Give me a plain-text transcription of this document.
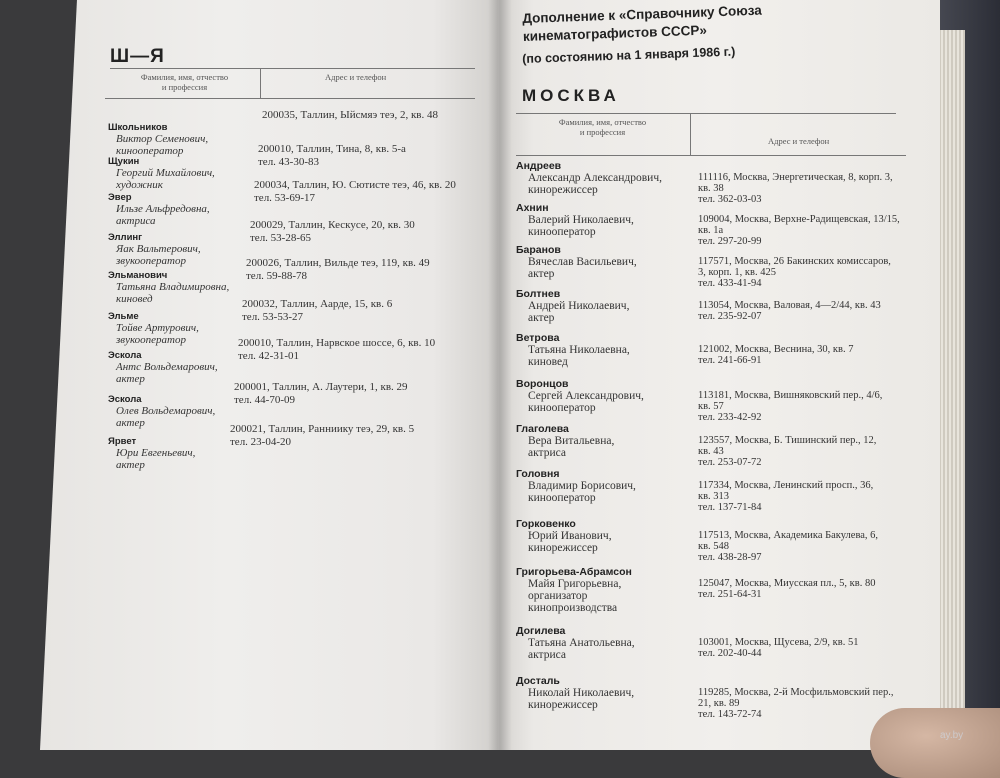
Ш—Я
Фамилия, имя, отчество
и профессия
Адрес и телефон
Школьников
Виктор Семенович,
кинооператор
200035, Таллин, Ыйсмяэ теэ, 2, кв. 48
Щукин
Георгий Михайлович,
художник
200010, Таллин, Тина, 8, кв. 5-а
тел. 43-30-83
Эвер
Ильзе Альфредовна,
актриса
200034, Таллин, Ю. Сютисте теэ, 46, кв. 20
тел. 53-69-17
Эллинг
Яак Вальтерович,
звукооператор
200029, Таллин, Кескусе, 20, кв. 30
тел. 53-28-65
Эльманович
Татьяна Владимировна,
киновед
200026, Таллин, Вильде теэ, 119, кв. 49
тел. 59-88-78
Эльме
Тойве Артурович,
звукооператор
200032, Таллин, Аарде, 15, кв. 6
тел. 53-53-27
Эскола
Антс Вольдемарович,
актер
200010, Таллин, Нарвское шоссе, 6, кв. 10
тел. 42-31-01
Эскола
Олев Вольдемарович,
актер
200001, Таллин, А. Лаутери, 1, кв. 29
тел. 44-70-09
Ярвет
Юри Евгеньевич,
актер
200021, Таллин, Ранниику теэ, 29, кв. 5
тел. 23-04-20
Дополнение к «Справочнику Союза
кинематографистов СССР»
(по состоянию на 1 января 1986 г.)
МОСКВА
Фамилия, имя, отчество
и профессия
Адрес и телефон
Андреев
Александр Александрович,
кинорежиссер
111116, Москва, Энергетическая, 8, корп. 3,
кв. 38
тел. 362-03-03
Ахнин
Валерий Николаевич,
кинооператор
109004, Москва, Верхне-Радищевская, 13/15,
кв. 1а
тел. 297-20-99
Баранов
Вячеслав Васильевич,
актер
117571, Москва, 26 Бакинских комиссаров,
3, корп. 1, кв. 425
тел. 433-41-94
Болтнев
Андрей Николаевич,
актер
113054, Москва, Валовая, 4—2/44, кв. 43
тел. 235-92-07
Ветрова
Татьяна Николаевна,
киновед
121002, Москва, Веснина, 30, кв. 7
тел. 241-66-91
Воронцов
Сергей Александрович,
кинооператор
113181, Москва, Вишняковский пер., 4/6,
кв. 57
тел. 233-42-92
Глаголева
Вера Витальевна,
актриса
123557, Москва, Б. Тишинский пер., 12,
кв. 43
тел. 253-07-72
Головня
Владимир Борисович,
кинооператор
117334, Москва, Ленинский просп., 36,
кв. 313
тел. 137-71-84
Горковенко
Юрий Иванович,
кинорежиссер
117513, Москва, Академика Бакулева, 6,
кв. 548
тел. 438-28-97
Григорьева-Абрамсон
Майя Григорьевна,
организатор
кинопроизводства
125047, Москва, Миусская пл., 5, кв. 80
тел. 251-64-31
Догилева
Татьяна Анатольевна,
актриса
103001, Москва, Щусева, 2/9, кв. 51
тел. 202-40-44
Досталь
Николай Николаевич,
кинорежиссер
119285, Москва, 2-й Мосфильмовский пер.,
21, кв. 89
тел. 143-72-74
ay.by
